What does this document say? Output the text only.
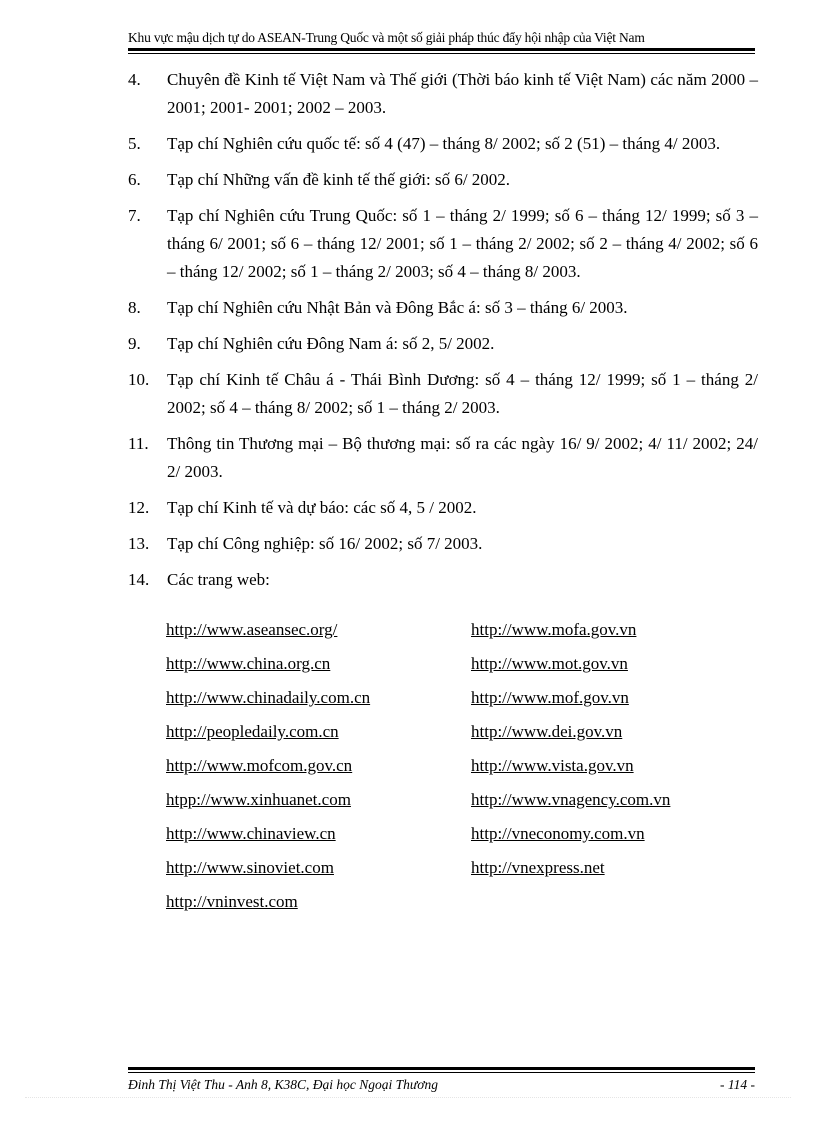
Khu vực mậu dịch tự do ASEAN-Trung Quốc và một số giải pháp thúc đẩy hội nhập của Việt Nam
4.	Chuyên đề Kinh tế Việt Nam và Thế giới (Thời báo kinh tế Việt Nam) các năm 2000 – 2001; 2001- 2001; 2002 – 2003.
5.	Tạp chí Nghiên cứu quốc tế: số 4 (47) – tháng 8/ 2002; số 2 (51) – tháng 4/ 2003.
6.	Tạp chí Những vấn đề kinh tế thế giới: số 6/ 2002.
7.	Tạp chí Nghiên cứu Trung Quốc: số 1 – tháng 2/ 1999; số 6 – tháng 12/ 1999; số 3 – tháng 6/ 2001; số 6 – tháng 12/ 2001; số 1 – tháng 2/ 2002; số 2 – tháng 4/ 2002; số 6 – tháng 12/ 2002; số 1 – tháng 2/ 2003; số 4 – tháng 8/ 2003.
8.	Tạp chí Nghiên cứu Nhật Bản và Đông Bắc á: số 3 – tháng 6/ 2003.
9.	Tạp chí Nghiên cứu Đông Nam á: số 2, 5/ 2002.
10.	Tạp chí Kinh tế Châu á - Thái Bình Dương: số 4 – tháng 12/ 1999; số 1 – tháng 2/ 2002; số 4 – tháng 8/ 2002; số 1 – tháng 2/ 2003.
11.	Thông tin Thương mại – Bộ thương mại: số ra các ngày 16/ 9/ 2002; 4/ 11/ 2002; 24/ 2/ 2003.
12.	Tạp chí Kinh tế và dự báo: các số 4, 5 / 2002.
13.	Tạp chí Công nghiệp: số 16/ 2002; số 7/ 2003.
14.	Các trang web:
http://www.aseansec.org/	http://www.mofa.gov.vn
http://www.china.org.cn	http://www.mot.gov.vn
http://www.chinadaily.com.cn	http://www.mof.gov.vn
http://peopledaily.com.cn	http://www.dei.gov.vn
http://www.mofcom.gov.cn	http://www.vista.gov.vn
htpp://www.xinhuanet.com	http://www.vnagency.com.vn
http://www.chinaview.cn	http://vneconomy.com.vn
http://www.sinoviet.com	http://vnexpress.net
http://vninvest.com
Đinh Thị Việt Thu - Anh 8, K38C, Đại học Ngoại Thương	- 114 -
